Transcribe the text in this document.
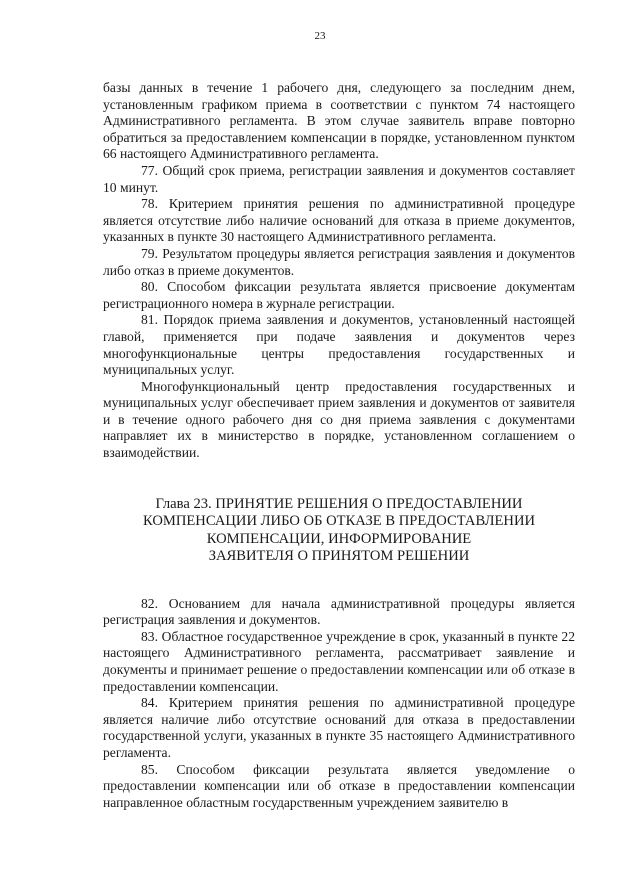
23

базы данных в течение 1 рабочего дня, следующего за последним днем, установленным графиком приема в соответствии с пунктом 74 настоящего Административного регламента. В этом случае заявитель вправе повторно обратиться за предоставлением компенсации в порядке, установленном пунктом 66 настоящего Административного регламента.

77. Общий срок приема, регистрации заявления и документов составляет 10 минут.

78. Критерием принятия решения по административной процедуре является отсутствие либо наличие оснований для отказа в приеме документов, указанных в пункте 30 настоящего Административного регламента.

79. Результатом процедуры является регистрация заявления и документов либо отказ в приеме документов.

80. Способом фиксации результата является присвоение документам регистрационного номера в журнале регистрации.

81. Порядок приема заявления и документов, установленный настоящей главой, применяется при подаче заявления и документов через многофункциональные центры предоставления государственных и муниципальных услуг.

Многофункциональный центр предоставления государственных и муниципальных услуг обеспечивает прием заявления и документов от заявителя и в течение одного рабочего дня со дня приема заявления с документами направляет их в министерство в порядке, установленном соглашением о взаимодействии.

Глава 23. ПРИНЯТИЕ РЕШЕНИЯ О ПРЕДОСТАВЛЕНИИ
КОМПЕНСАЦИИ ЛИБО ОБ ОТКАЗЕ В ПРЕДОСТАВЛЕНИИ
КОМПЕНСАЦИИ, ИНФОРМИРОВАНИЕ
ЗАЯВИТЕЛЯ О ПРИНЯТОМ РЕШЕНИИ

82. Основанием для начала административной процедуры является регистрация заявления и документов.

83. Областное государственное учреждение в срок, указанный в пункте 22 настоящего Административного регламента, рассматривает заявление и документы и принимает решение о предоставлении компенсации или об отказе в предоставлении компенсации.

84. Критерием принятия решения по административной процедуре является наличие либо отсутствие оснований для отказа в предоставлении государственной услуги, указанных в пункте 35 настоящего Административного регламента.

85. Способом фиксации результата является уведомление о предоставлении компенсации или об отказе в предоставлении компенсации направленное областным государственным учреждением заявителю в
